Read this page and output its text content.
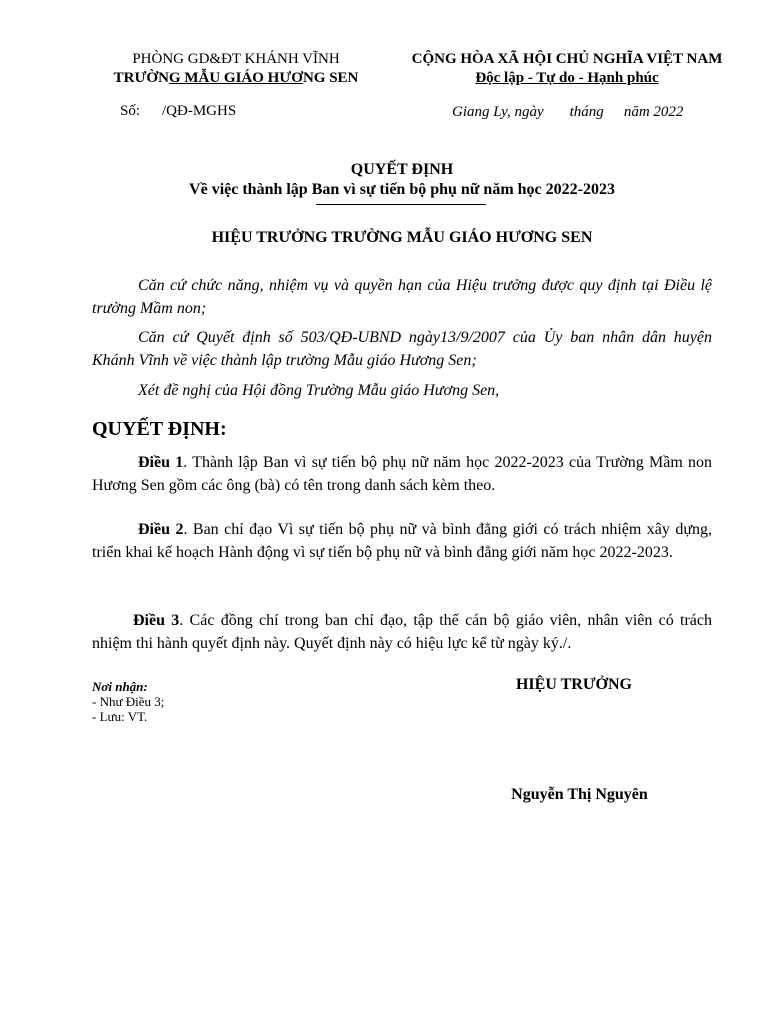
PHÒNG GD&ĐT KHÁNH VĨNH
TRƯỜNG MẪU GIÁO HƯƠNG SEN
CỘNG HÒA XÃ HỘI CHỦ NGHĨA VIỆT NAM
Độc lập - Tự do - Hạnh phúc
Số: /QĐ-MGHS	Giang Ly, ngày tháng năm 2022
QUYẾT ĐỊNH
Về việc thành lập Ban vì sự tiến bộ phụ nữ năm học 2022-2023
HIỆU TRƯỞNG TRƯỜNG MẪU GIÁO HƯƠNG SEN
Căn cứ chức năng, nhiệm vụ và quyền hạn của Hiệu trưởng được quy định tại Điều lệ trường Mầm non;
Căn cứ Quyết định số 503/QĐ-UBND ngày13/9/2007 của Ủy ban nhân dân huyện Khánh Vĩnh về việc thành lập trường Mẫu giáo Hương Sen;
Xét đề nghị của Hội đồng Trường Mẫu giáo Hương Sen,
QUYẾT ĐỊNH:
Điều 1. Thành lập Ban vì sự tiến bộ phụ nữ năm học 2022-2023 của Trường Mầm non Hương Sen gồm các ông (bà) có tên trong danh sách kèm theo.
Điều 2. Ban chỉ đạo Vì sự tiến bộ phụ nữ và bình đẳng giới có trách nhiệm xây dựng, triển khai kế hoạch Hành động vì sự tiến bộ phụ nữ và bình đẳng giới năm học 2022-2023.
Điều 3. Các đồng chí trong ban chỉ đạo, tập thể cán bộ giáo viên, nhân viên có trách nhiệm thi hành quyết định này. Quyết định này có hiệu lực kể từ ngày ký./.
Nơi nhận:
- Như Điều 3;
- Lưu: VT.
HIỆU TRƯỞNG
Nguyễn Thị Nguyên
